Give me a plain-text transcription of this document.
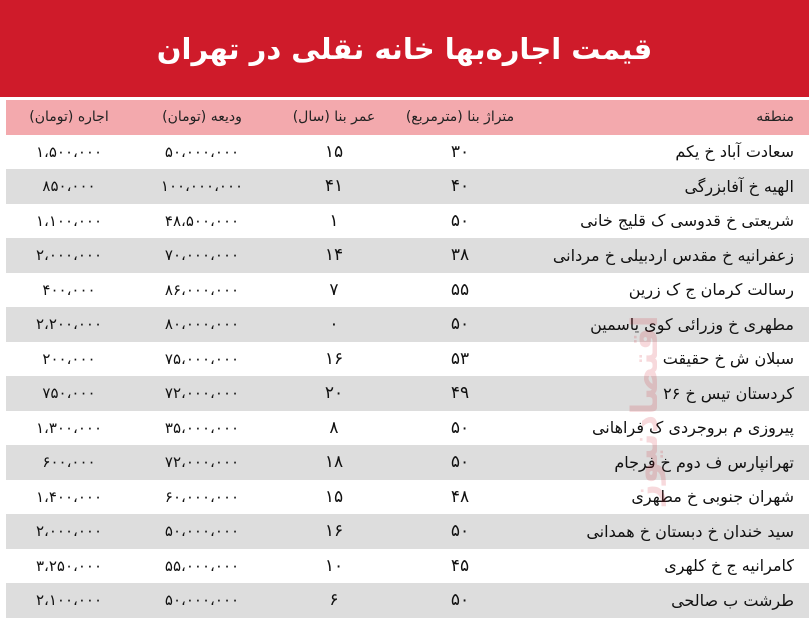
قیمت اجاره‌بها خانه نقلی در تهران
منطقه	متراژ بنا (مترمربع)	عمر بنا (سال)	ودیعه (تومان)	اجاره (تومان)
سعادت آباد خ یکم	۳۰	۱۵	۵۰،۰۰۰،۰۰۰	۱،۵۰۰،۰۰۰
الهیه خ آفابزرگی	۴۰	۴۱	۱۰۰،۰۰۰،۰۰۰	۸۵۰،۰۰۰
شریعتی خ قدوسی ک قلیج خانی	۵۰	۱	۴۸،۵۰۰،۰۰۰	۱،۱۰۰،۰۰۰
زعفرانیه خ مقدس اردبیلی خ مردانی	۳۸	۱۴	۷۰،۰۰۰،۰۰۰	۲،۰۰۰،۰۰۰
رسالت کرمان ج ک زرین	۵۵	۷	۸۶،۰۰۰،۰۰۰	۴۰۰،۰۰۰
مطهری خ وزرائی کوی یاسمین	۵۰	۰	۸۰،۰۰۰،۰۰۰	۲،۲۰۰،۰۰۰
سبلان ش خ حقیقت	۵۳	۱۶	۷۵،۰۰۰،۰۰۰	۲۰۰،۰۰۰
کردستان تیس خ ۲۶	۴۹	۲۰	۷۲،۰۰۰،۰۰۰	۷۵۰،۰۰۰
پیروزی م بروجردی ک فراهانی	۵۰	۸	۳۵،۰۰۰،۰۰۰	۱،۳۰۰،۰۰۰
تهرانپارس ف دوم خ فرجام	۵۰	۱۸	۷۲،۰۰۰،۰۰۰	۶۰۰،۰۰۰
شهران جنوبی خ مطهری	۴۸	۱۵	۶۰،۰۰۰،۰۰۰	۱،۴۰۰،۰۰۰
سید خندان خ دبستان خ همدانی	۵۰	۱۶	۵۰،۰۰۰،۰۰۰	۲،۰۰۰،۰۰۰
کامرانیه ج خ کلهری	۴۵	۱۰	۵۵،۰۰۰،۰۰۰	۳،۲۵۰،۰۰۰
طرشت ب صالحی	۵۰	۶	۵۰،۰۰۰،۰۰۰	۲،۱۰۰،۰۰۰
